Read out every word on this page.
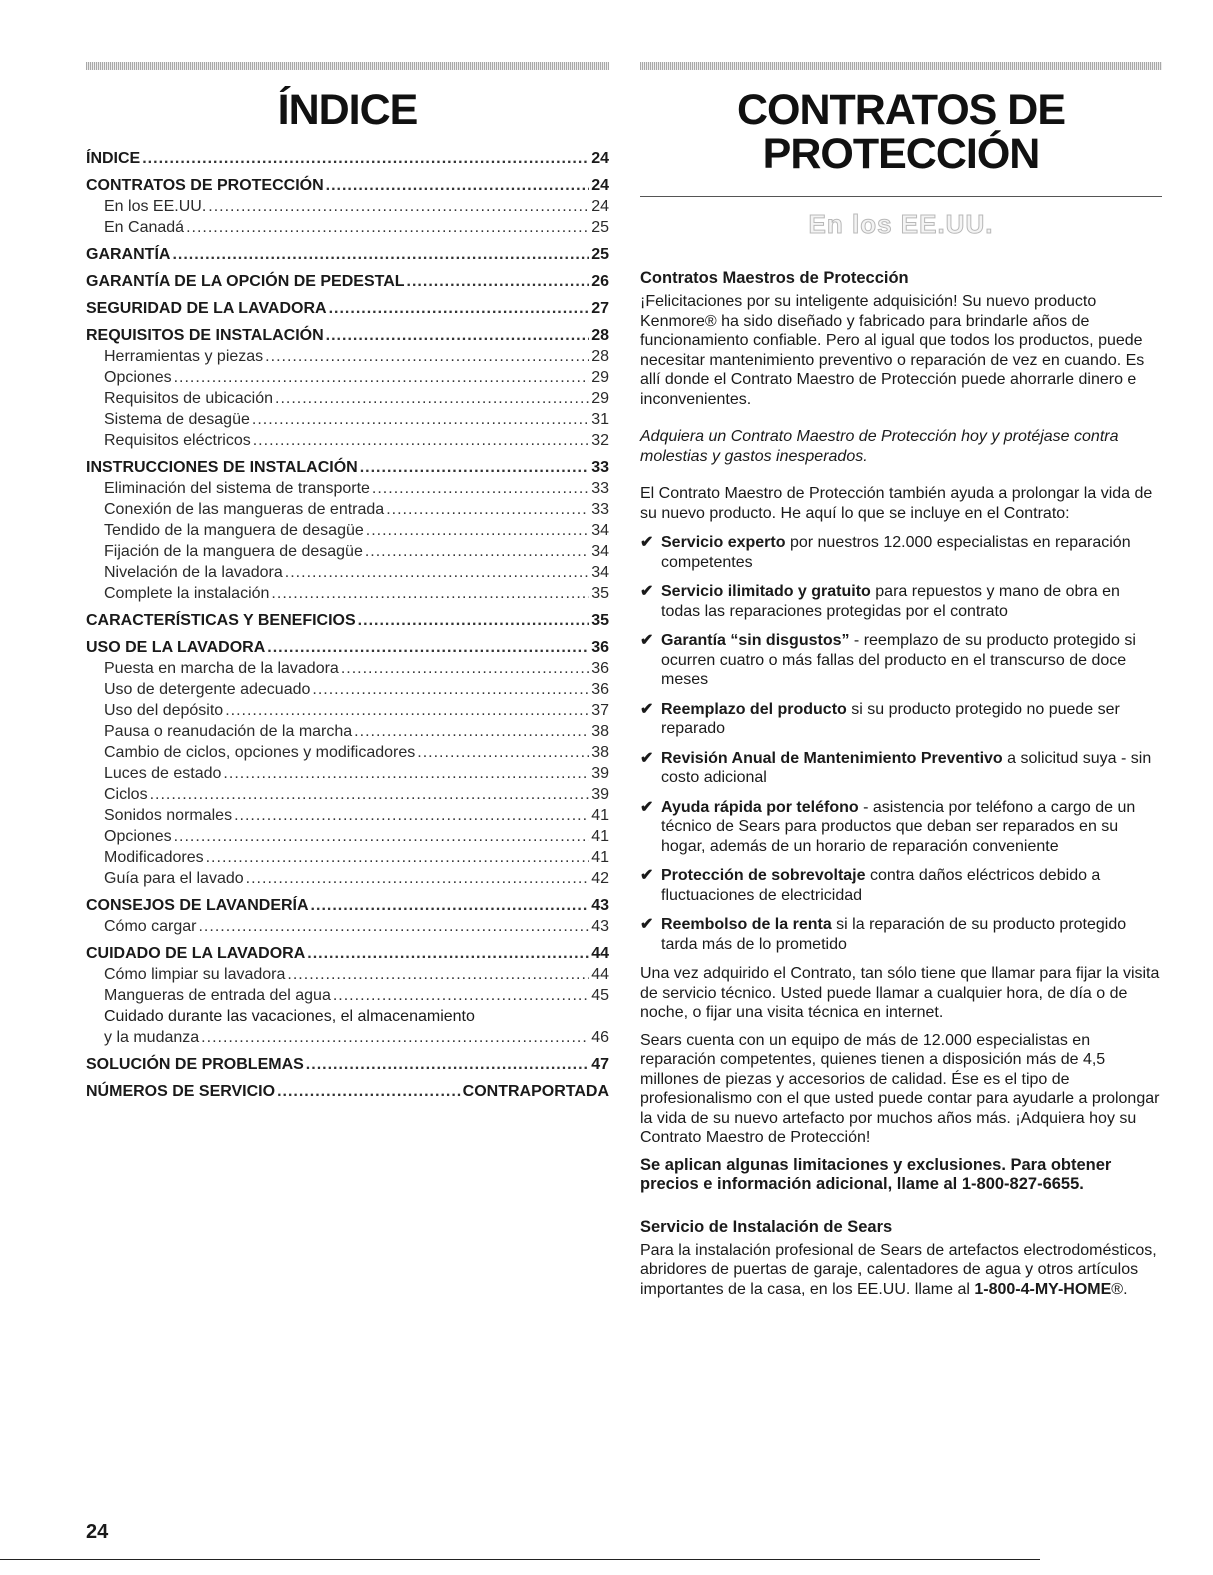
ÍNDICE
ÍNDICE .....	24
CONTRATOS DE PROTECCIÓN .....	24
En los EE.UU. .....	24
En Canadá .....	25
GARANTÍA .....	25
GARANTÍA DE LA OPCIÓN DE PEDESTAL .....	26
SEGURIDAD DE LA LAVADORA .....	27
REQUISITOS DE INSTALACIÓN .....	28
Herramientas y piezas .....	28
Opciones .....	29
Requisitos de ubicación .....	29
Sistema de desagüe .....	31
Requisitos eléctricos .....	32
INSTRUCCIONES DE INSTALACIÓN .....	33
Eliminación del sistema de transporte .....	33
Conexión de las mangueras de entrada .....	33
Tendido de la manguera de desagüe .....	34
Fijación de la manguera de desagüe .....	34
Nivelación de la lavadora .....	34
Complete la instalación .....	35
CARACTERÍSTICAS Y BENEFICIOS .....	35
USO DE LA LAVADORA .....	36
Puesta en marcha de la lavadora .....	36
Uso de detergente adecuado .....	36
Uso del depósito .....	37
Pausa o reanudación de la marcha .....	38
Cambio de ciclos, opciones y modificadores .....	38
Luces de estado .....	39
Ciclos .....	39
Sonidos normales .....	41
Opciones .....	41
Modificadores .....	41
Guía para el lavado .....	42
CONSEJOS DE LAVANDERÍA .....	43
Cómo cargar .....	43
CUIDADO DE LA LAVADORA .....	44
Cómo limpiar su lavadora .....	44
Mangueras de entrada del agua .....	45
Cuidado durante las vacaciones, el almacenamiento
y la mudanza .....	46
SOLUCIÓN DE PROBLEMAS .....	47
NÚMEROS DE SERVICIO .....	CONTRAPORTADA
CONTRATOS DE
PROTECCIÓN
En los EE.UU.
Contratos Maestros de Protección

¡Felicitaciones por su inteligente adquisición! Su nuevo producto Kenmore® ha sido diseñado y fabricado para brindarle años de funcionamiento confiable. Pero al igual que todos los productos, puede necesitar mantenimiento preventivo o reparación de vez en cuando. Es allí donde el Contrato Maestro de Protección puede ahorrarle dinero e inconvenientes.

Adquiera un Contrato Maestro de Protección hoy y protéjase contra molestias y gastos inesperados.

El Contrato Maestro de Protección también ayuda a prolongar la vida de su nuevo producto. He aquí lo que se incluye en el Contrato:

✔ Servicio experto por nuestros 12.000 especialistas en reparación competentes
✔ Servicio ilimitado y gratuito para repuestos y mano de obra en todas las reparaciones protegidas por el contrato
✔ Garantía “sin disgustos” - reemplazo de su producto protegido si ocurren cuatro o más fallas del producto en el transcurso de doce meses
✔ Reemplazo del producto si su producto protegido no puede ser reparado
✔ Revisión Anual de Mantenimiento Preventivo a solicitud suya - sin costo adicional
✔ Ayuda rápida por teléfono - asistencia por teléfono a cargo de un técnico de Sears para productos que deban ser reparados en su hogar, además de un horario de reparación conveniente
✔ Protección de sobrevoltaje contra daños eléctricos debido a fluctuaciones de electricidad
✔ Reembolso de la renta si la reparación de su producto protegido tarda más de lo prometido

Una vez adquirido el Contrato, tan sólo tiene que llamar para fijar la visita de servicio técnico. Usted puede llamar a cualquier hora, de día o de noche, o fijar una visita técnica en internet.

Sears cuenta con un equipo de más de 12.000 especialistas en reparación competentes, quienes tienen a disposición más de 4,5 millones de piezas y accesorios de calidad. Ése es el tipo de profesionalismo con el que usted puede contar para ayudarle a prolongar la vida de su nuevo artefacto por muchos años más. ¡Adquiera hoy su Contrato Maestro de Protección!

Se aplican algunas limitaciones y exclusiones. Para obtener precios e información adicional, llame al 1-800-827-6655.

Servicio de Instalación de Sears

Para la instalación profesional de Sears de artefactos electrodomésticos, abridores de puertas de garaje, calentadores de agua y otros artículos importantes de la casa, en los EE.UU. llame al 1-800-4-MY-HOME®.

24
